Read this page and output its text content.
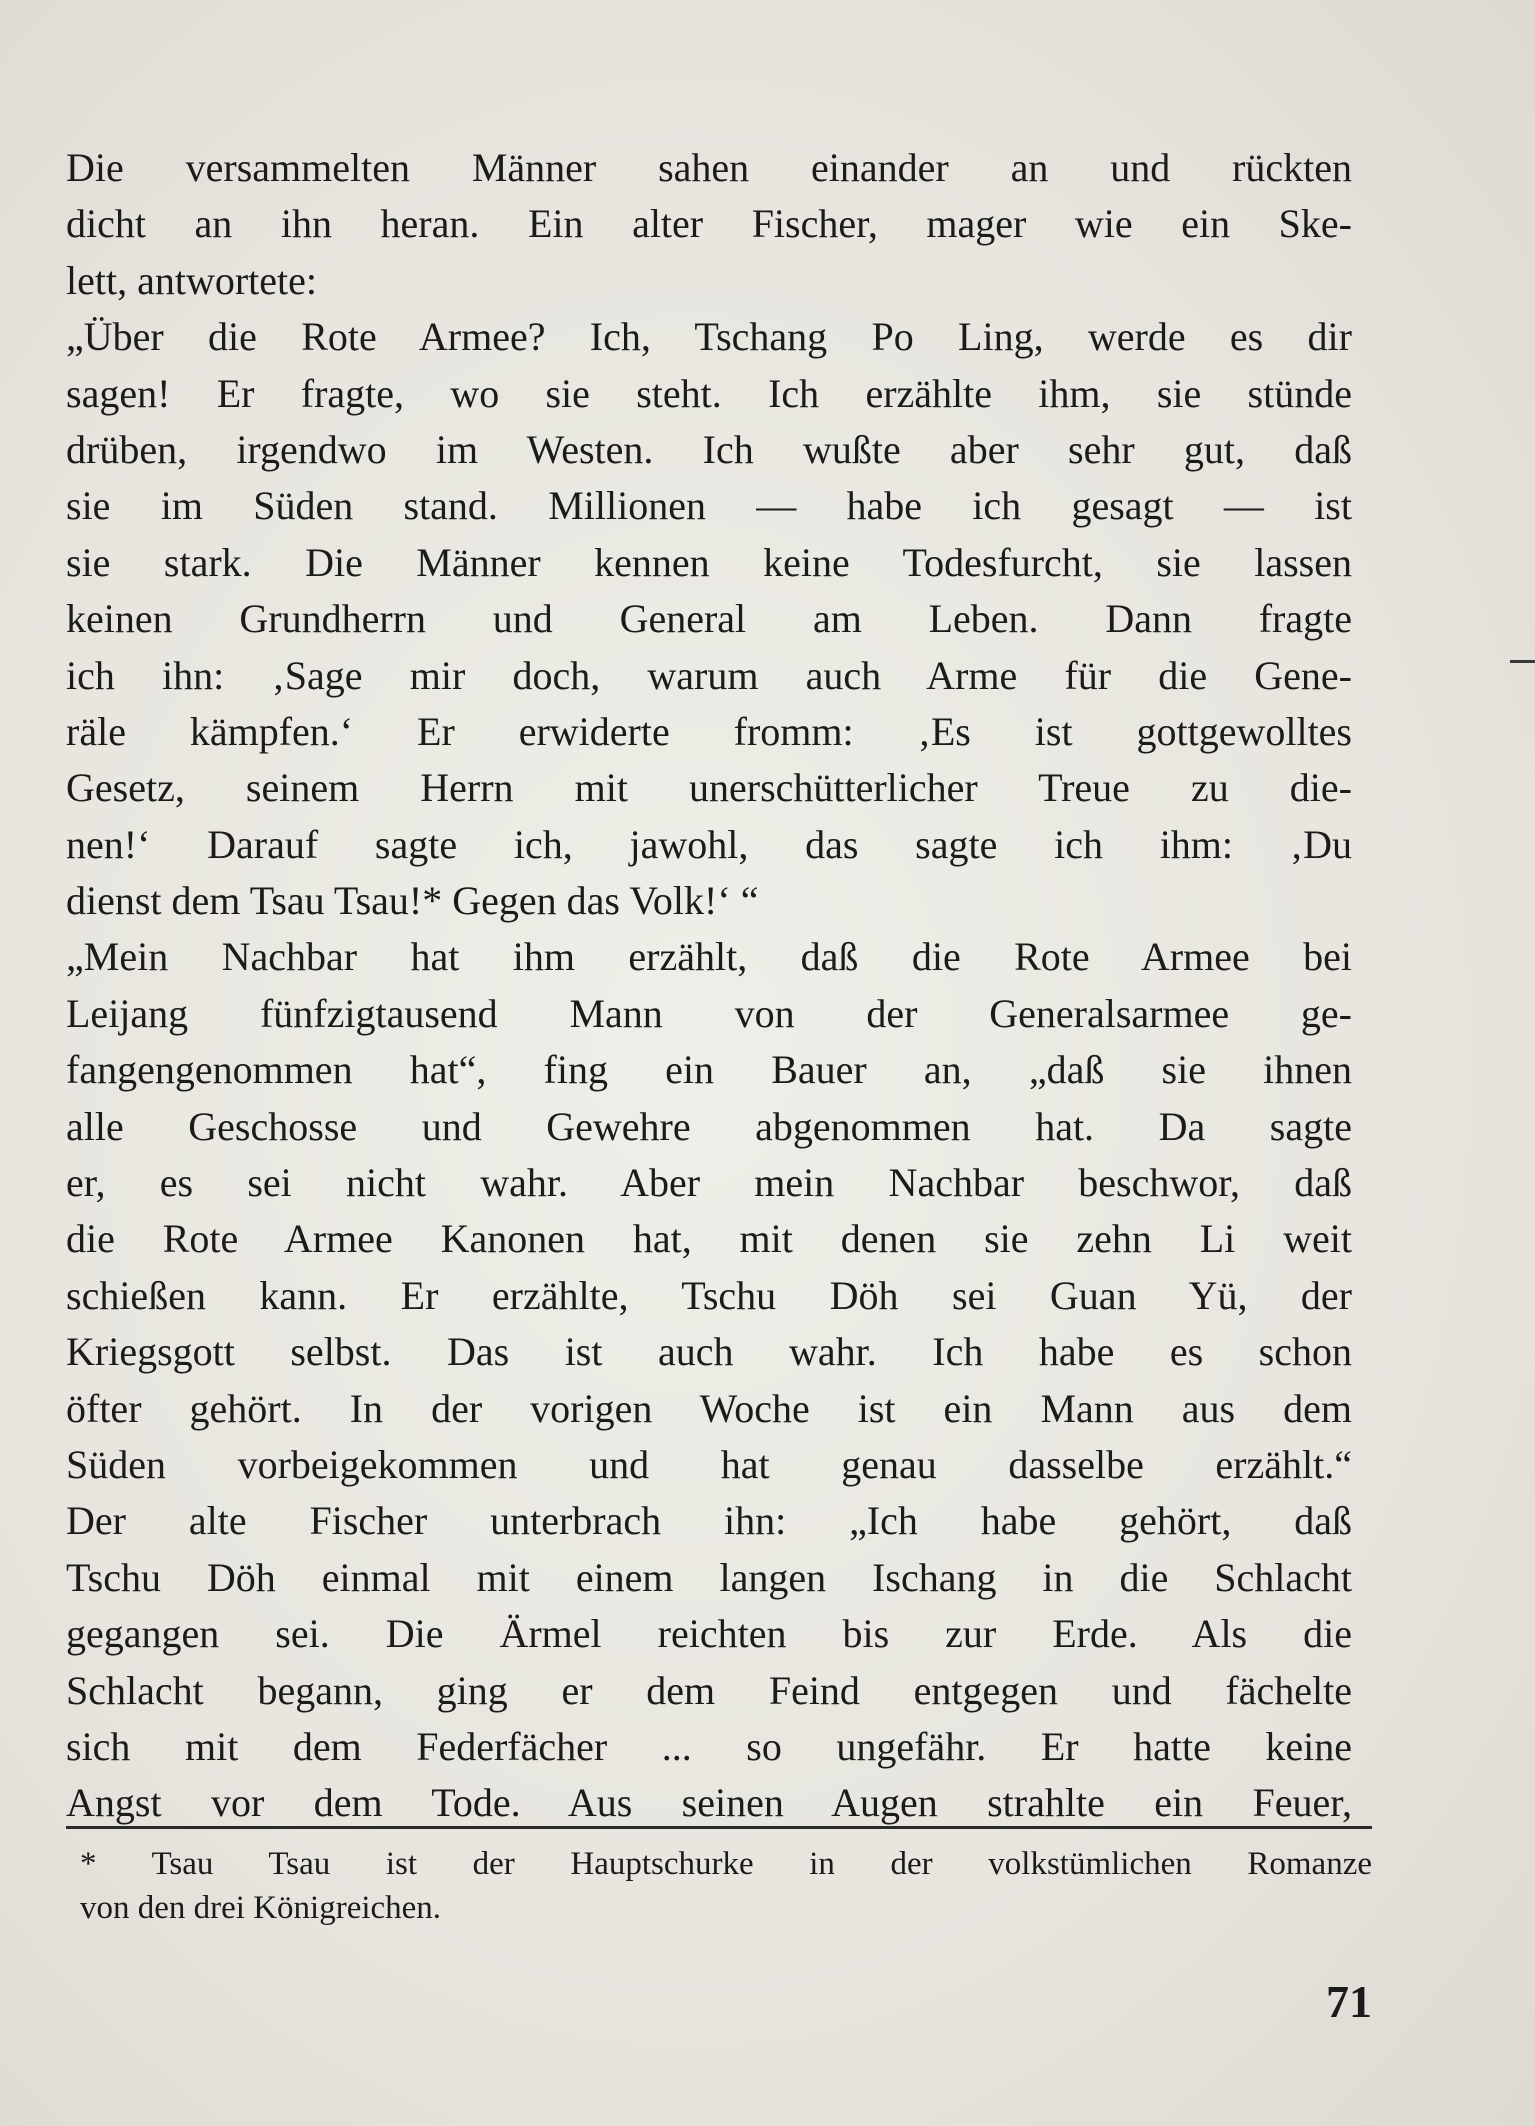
Die versammelten Männer sahen einander an und rückten
dicht an ihn heran. Ein alter Fischer, mager wie ein Ske-
lett, antwortete:
„Über die Rote Armee? Ich, Tschang Po Ling, werde es dir
sagen! Er fragte, wo sie steht. Ich erzählte ihm, sie stünde
drüben, irgendwo im Westen. Ich wußte aber sehr gut, daß
sie im Süden stand. Millionen — habe ich gesagt — ist
sie stark. Die Männer kennen keine Todesfurcht, sie lassen
keinen Grundherrn und General am Leben. Dann fragte
ich ihn: ‚Sage mir doch, warum auch Arme für die Gene-
räle kämpfen.‘ Er erwiderte fromm: ‚Es ist gottgewolltes
Gesetz, seinem Herrn mit unerschütterlicher Treue zu die-
nen!‘ Darauf sagte ich, jawohl, das sagte ich ihm: ‚Du
dienst dem Tsau Tsau!* Gegen das Volk!‘ “
„Mein Nachbar hat ihm erzählt, daß die Rote Armee bei
Leijang fünfzigtausend Mann von der Generalsarmee ge-
fangengenommen hat“, fing ein Bauer an, „daß sie ihnen
alle Geschosse und Gewehre abgenommen hat. Da sagte
er, es sei nicht wahr. Aber mein Nachbar beschwor, daß
die Rote Armee Kanonen hat, mit denen sie zehn Li weit
schießen kann. Er erzählte, Tschu Döh sei Guan Yü, der
Kriegsgott selbst. Das ist auch wahr. Ich habe es schon
öfter gehört. In der vorigen Woche ist ein Mann aus dem
Süden vorbeigekommen und hat genau dasselbe erzählt.“
Der alte Fischer unterbrach ihn: „Ich habe gehört, daß
Tschu Döh einmal mit einem langen Ischang in die Schlacht
gegangen sei. Die Ärmel reichten bis zur Erde. Als die
Schlacht begann, ging er dem Feind entgegen und fächelte
sich mit dem Federfächer ... so ungefähr. Er hatte keine
Angst vor dem Tode. Aus seinen Augen strahlte ein Feuer,
* Tsau Tsau ist der Hauptschurke in der volkstümlichen Romanze
von den drei Königreichen.
71
